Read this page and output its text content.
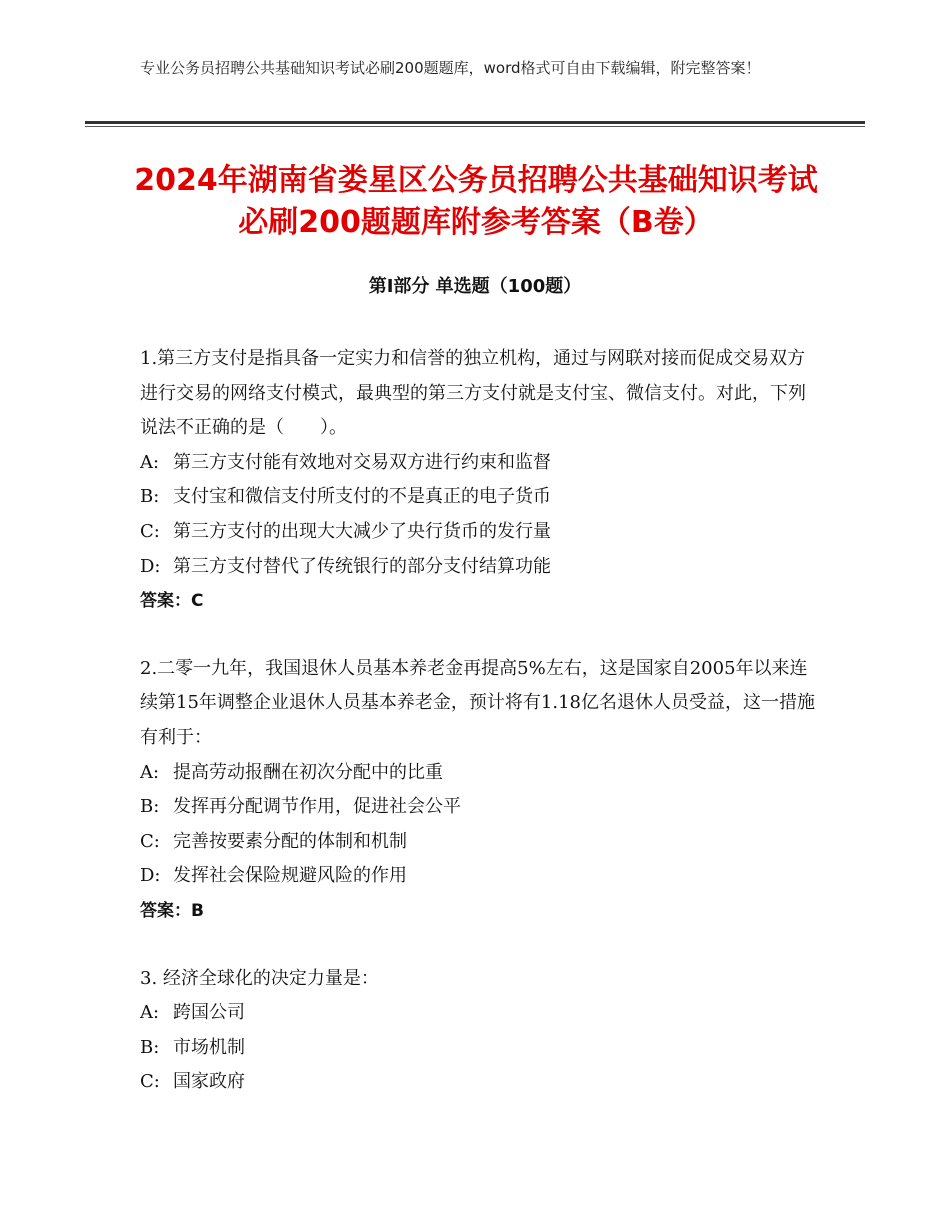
专业公务员招聘公共基础知识考试必刷200题题库，word格式可自由下载编辑，附完整答案！
2024年湖南省娄星区公务员招聘公共基础知识考试必刷200题题库附参考答案（B卷）
第Ⅰ部分 单选题（100题）
1.第三方支付是指具备一定实力和信誉的独立机构，通过与网联对接而促成交易双方进行交易的网络支付模式，最典型的第三方支付就是支付宝、微信支付。对此，下列说法不正确的是（　　）。
A: 第三方支付能有效地对交易双方进行约束和监督
B: 支付宝和微信支付所支付的不是真正的电子货币
C: 第三方支付的出现大大减少了央行货币的发行量
D: 第三方支付替代了传统银行的部分支付结算功能
答案：C
2.二零一九年，我国退休人员基本养老金再提高5%左右，这是国家自2005年以来连续第15年调整企业退休人员基本养老金，预计将有1.18亿名退休人员受益，这一措施有利于：
A: 提高劳动报酬在初次分配中的比重
B: 发挥再分配调节作用，促进社会公平
C: 完善按要素分配的体制和机制
D: 发挥社会保险规避风险的作用
答案：B
3. 经济全球化的决定力量是：
A: 跨国公司
B: 市场机制
C: 国家政府
